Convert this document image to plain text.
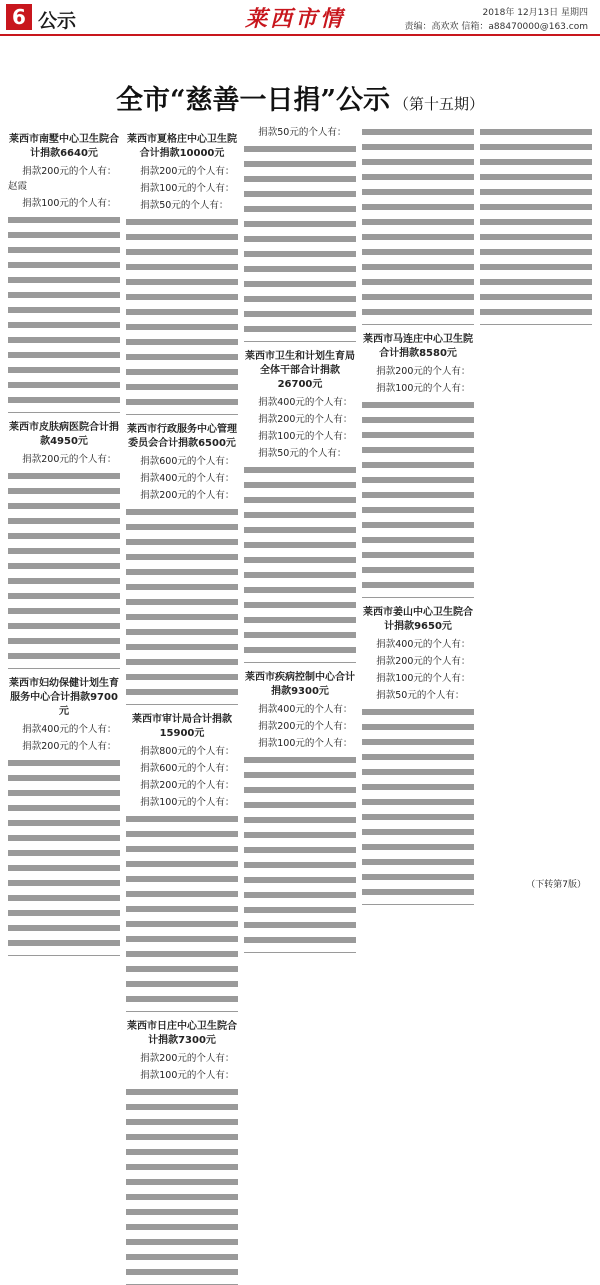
6 公示	莱西市情	2018年 12月13日 星期四
责编：高欢欢 信箱：a88470000@163.com
全市“慈善一日捐”公示 （第十五期）
莱西市南墅中心卫生院合计捐款6640元

捐款200元的个人有：赵霞

捐款100元的个人有：

莱西市皮肤病医院合计捐款4950元

捐款200元的个人有：

莱西市妇幼保健计划生育服务中心合计捐款9700元

捐款400元的个人有：

捐款200元的个人有：

莱西市夏格庄中心卫生院合计捐款10000元

捐款200元的个人有：

捐款100元的个人有：

捐款50元的个人有：

莱西市行政服务中心管理委员会合计捐款6500元

捐款600元的个人有：

捐款400元的个人有：

捐款200元的个人有：

莱西市审计局合计捐款15900元

捐款800元的个人有：

捐款600元的个人有：

捐款200元的个人有：

捐款100元的个人有：

莱西市日庄中心卫生院合计捐款7300元

捐款200元的个人有：

捐款100元的个人有：

捐款50元的个人有：

莱西市卫生和计划生育局全体干部合计捐款26700元

捐款400元的个人有：

捐款200元的个人有：

捐款100元的个人有：

捐款50元的个人有：

莱西市疾病控制中心合计捐款9300元

捐款400元的个人有：

捐款200元的个人有：

捐款100元的个人有：

莱西市马连庄中心卫生院合计捐款8580元

捐款200元的个人有：

捐款100元的个人有：

莱西市姜山中心卫生院合计捐款9650元

捐款400元的个人有：

捐款200元的个人有：

捐款100元的个人有：

捐款50元的个人有：

（下转第7版）
